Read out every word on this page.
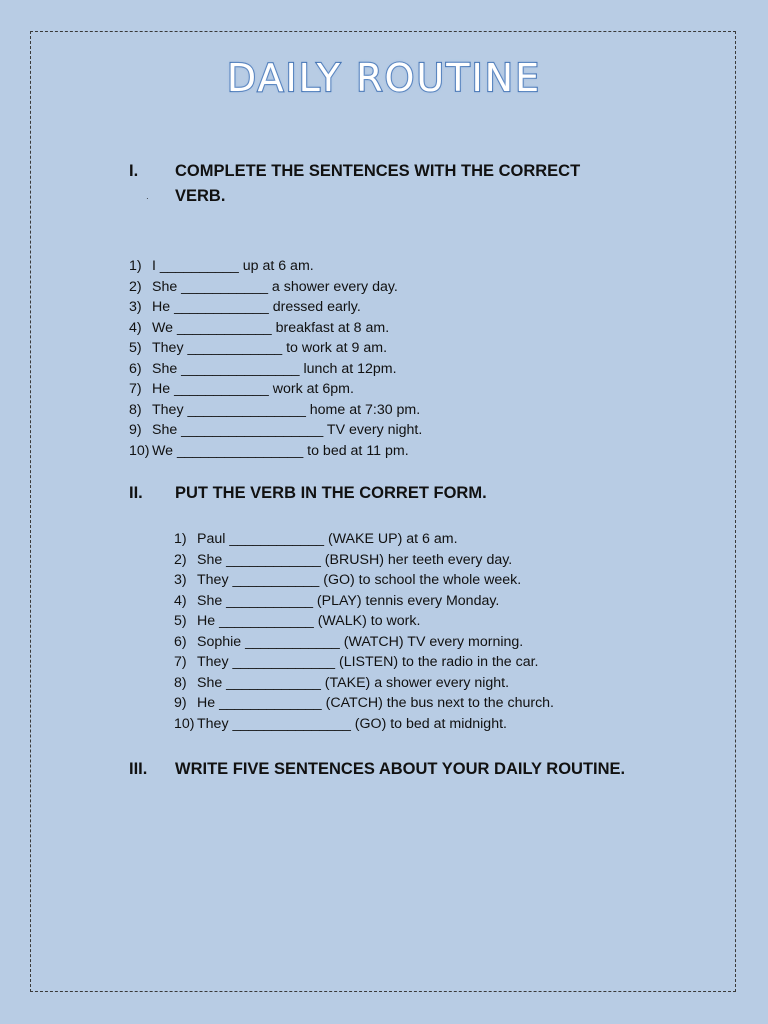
DAILY ROUTINE
I. COMPLETE THE SENTENCES WITH THE CORRECT
VERB.
·
1) I __________ up at 6 am.
2) She ___________ a shower every day.
3) He ____________ dressed early.
4) We ____________ breakfast at 8 am.
5) They ____________ to work at 9 am.
6) She _______________ lunch at 12pm.
7) He ____________ work at 6pm.
8) They _______________ home at 7:30 pm.
9) She __________________ TV every night.
10) We ________________ to bed at 11 pm.
II. PUT THE VERB IN THE CORRET FORM.
1) Paul ____________ (WAKE UP) at 6 am.
2) She ____________ (BRUSH) her teeth every day.
3) They ___________ (GO) to school the whole week.
4) She ___________ (PLAY) tennis every Monday.
5) He ____________ (WALK) to work.
6) Sophie ____________ (WATCH) TV every morning.
7) They _____________ (LISTEN) to the radio in the car.
8) She ____________ (TAKE) a shower every night.
9) He _____________ (CATCH) the bus next to the church.
10) They _______________ (GO) to bed at midnight.
III. WRITE FIVE SENTENCES ABOUT YOUR DAILY ROUTINE.
